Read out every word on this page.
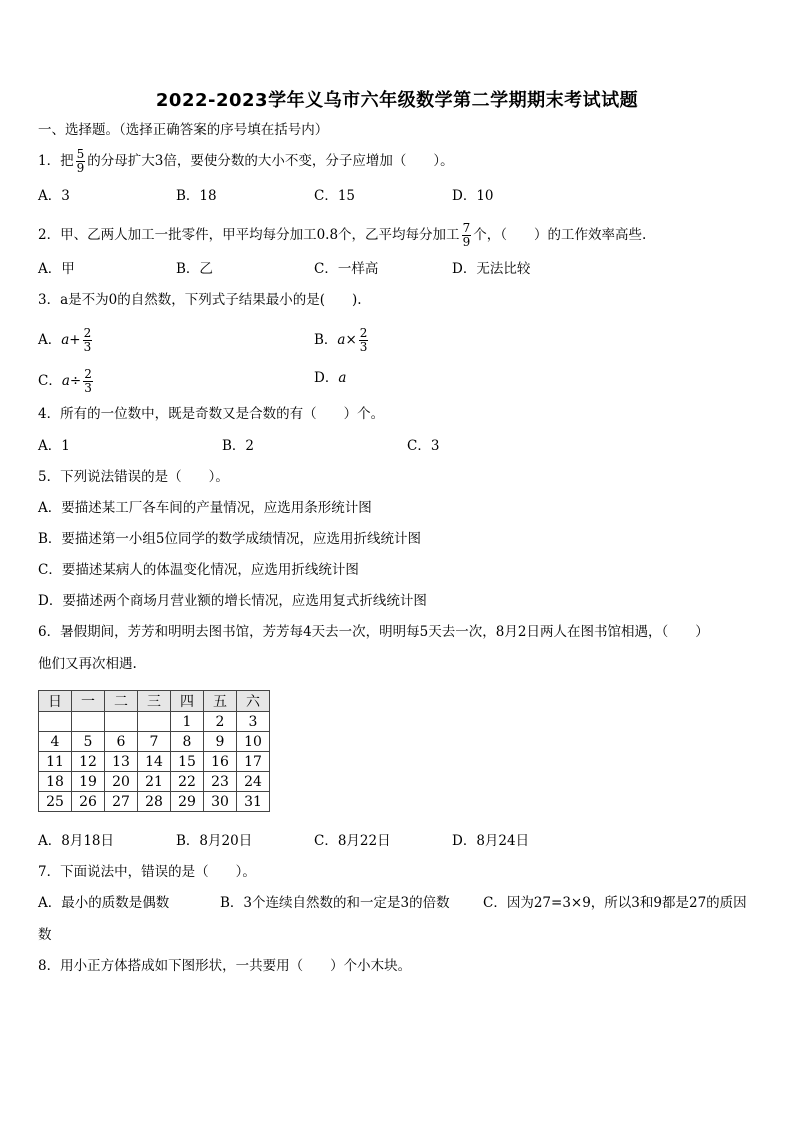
2022-2023学年义乌市六年级数学第二学期期末考试试题
一、选择题。（选择正确答案的序号填在括号内）
1．把 $\frac{5}{9}$ 的分母扩大3倍，要使分数的大小不变，分子应增加（　　）。
A．3	B．18	C．15	D．10
2．甲、乙两人加工一批零件，甲平均每分加工0.8个，乙平均每分加工 $\frac{7}{9}$ 个，（　　）的工作效率高些.
A．甲	B．乙	C．一样高	D．无法比较
3．a是不为0的自然数，下列式子结果最小的是(　　).
A．$a+ \frac{2}{3}$	B．$a\times \frac{2}{3}$
C．$a\div \frac{2}{3}$	D．a
4．所有的一位数中，既是奇数又是合数的有（　　）个。
A．1	B．2	C．3
5．下列说法错误的是（　　）。
A．要描述某工厂各车间的产量情况，应选用条形统计图
B．要描述第一小组5位同学的数学成绩情况，应选用折线统计图
C．要描述某病人的体温变化情况，应选用折线统计图
D．要描述两个商场月营业额的增长情况，应选用复式折线统计图
6．暑假期间，芳芳和明明去图书馆，芳芳每4天去一次，明明每5天去一次，8月2日两人在图书馆相遇，（　　）
他们又再次相遇.
日	一	二	三	四	五	六
				1	2	3
4	5	6	7	8	9	10
11	12	13	14	15	16	17
18	19	20	21	22	23	24
25	26	27	28	29	30	31
A．8月18日	B．8月20日	C．8月22日	D．8月24日
7．下面说法中，错误的是（　　）。
A．最小的质数是偶数	B．3个连续自然数的和一定是3的倍数 C．因为27=3×9，所以3和9都是27的质因
数
8．用小正方体搭成如下图形状，一共要用（　　）个小木块。
